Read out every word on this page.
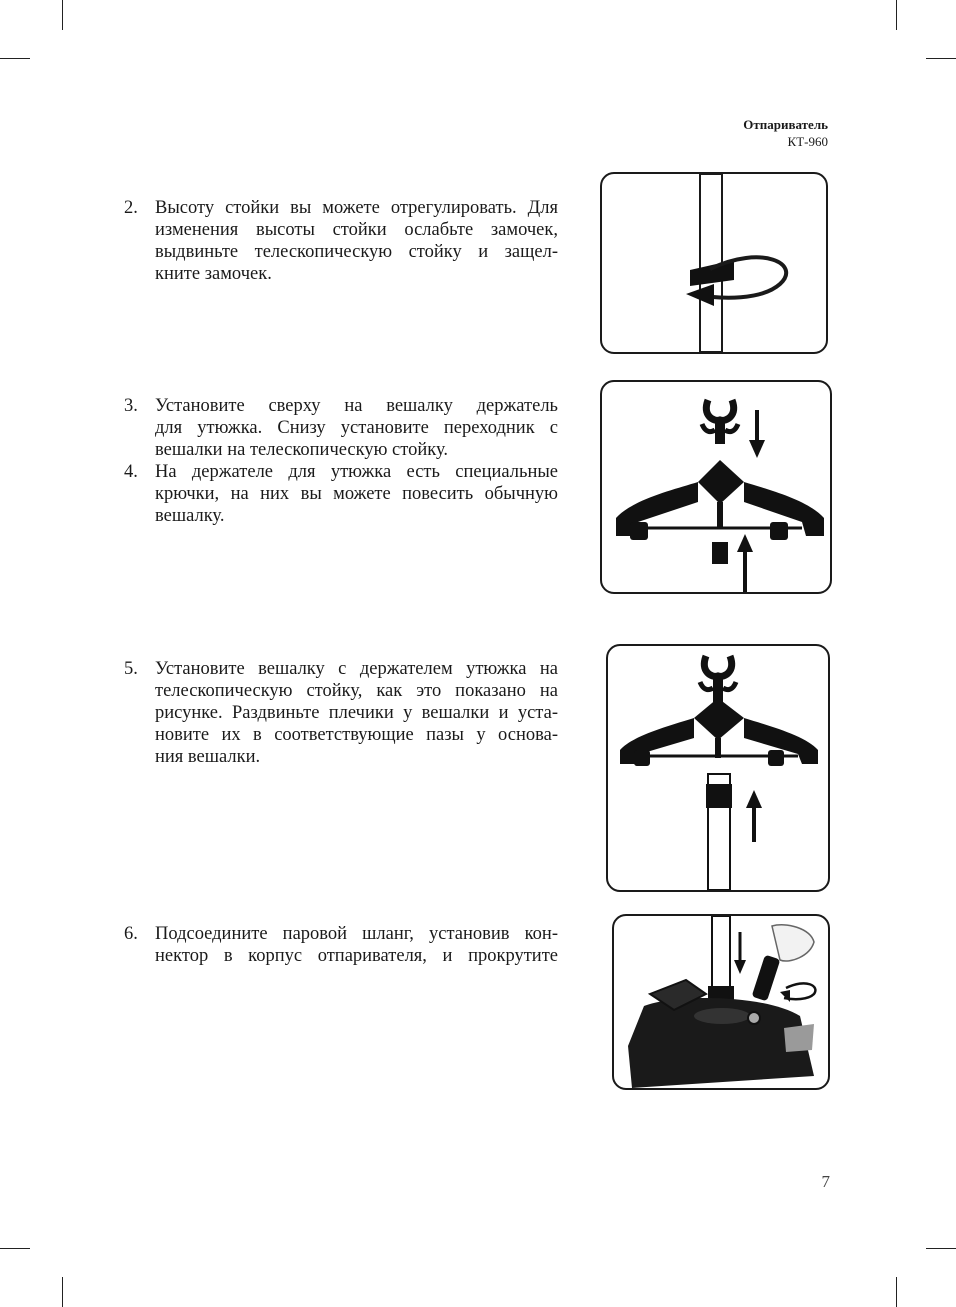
Отпариватель
КТ-960
2. Высоту стойки вы можете отрегулировать. Для
изменения высоты стойки ослабьте замочек,
выдвиньте телескопическую стойку и защел-
кните замочек.
3. Установите сверху на вешалку держатель
для утюжка. Снизу установите переходник с
вешалки на телескопическую стойку.
4. На держателе для утюжка есть специальные
крючки, на них вы можете повесить обычную
вешалку.
5. Установите вешалку с держателем утюжка на
телескопическую стойку, как это показано на
рисунке. Раздвиньте плечики у вешалки и уста-
новите их в соответствующие пазы у основа-
ния вешалки.
6. Подсоедините паровой шланг, установив кон-
нектор в корпус отпаривателя, и прокрутите
7
